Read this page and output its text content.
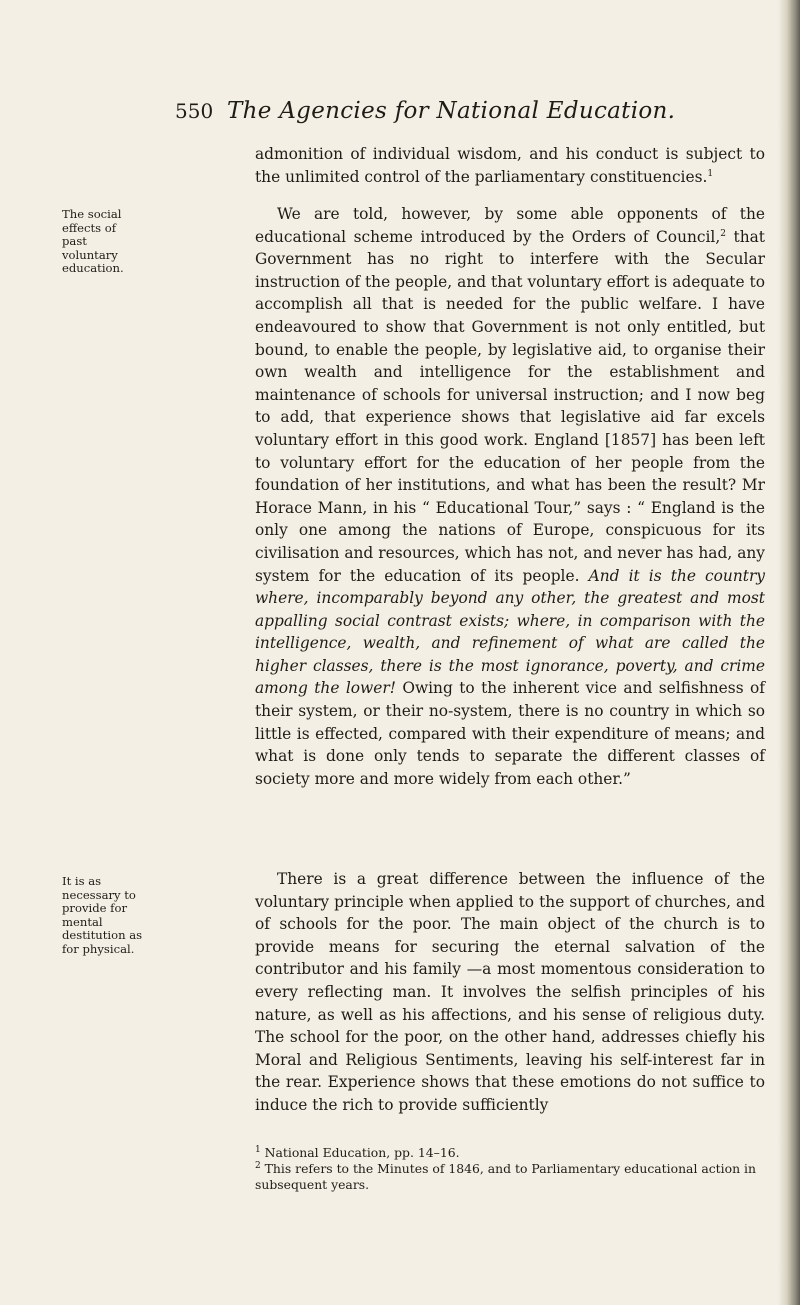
550 The Agencies for National Education.

admonition of individual wisdom, and his conduct is subject to the unlimited control of the parliamentary constituencies.$^1$

The social effects of past voluntary education.

We are told, however, by some able opponents of the educational scheme introduced by the Orders of Council,$^2$ that Government has no right to interfere with the Secular instruction of the people, and that voluntary effort is adequate to accomplish all that is needed for the public welfare. I have endeavoured to show that Government is not only entitled, but bound, to enable the people, by legislative aid, to organise their own wealth and intelligence for the establishment and maintenance of schools for universal instruction; and I now beg to add, that experience shows that legislative aid far excels voluntary effort in this good work. England [1857] has been left to voluntary effort for the education of her people from the foundation of her institutions, and what has been the result? Mr Horace Mann, in his “ Educational Tour,” says : “ England is the only one among the nations of Europe, conspicuous for its civilisation and resources, which has not, and never has had, any system for the education of its people. And it is the country where, incomparably beyond any other, the greatest and most appalling social contrast exists; where, in comparison with the intelligence, wealth, and refinement of what are called the higher classes, there is the most ignorance, poverty, and crime among the lower! Owing to the inherent vice and selfishness of their system, or their no-system, there is no country in which so little is effected, compared with their expenditure of means; and what is done only tends to separate the different classes of society more and more widely from each other.”

It is as necessary to provide for mental destitution as for physical.

There is a great difference between the influence of the voluntary principle when applied to the support of churches, and of schools for the poor. The main object of the church is to provide means for securing the eternal salvation of the contributor and his family —a most momentous consideration to every reflecting man. It involves the selfish principles of his nature, as well as his affections, and his sense of religious duty. The school for the poor, on the other hand, addresses chiefly his Moral and Religious Sentiments, leaving his self-interest far in the rear. Experience shows that these emotions do not suffice to induce the rich to provide sufficiently

$^1$ National Education, pp. 14–16.

$^2$ This refers to the Minutes of 1846, and to Parliamentary educational action in subsequent years.
